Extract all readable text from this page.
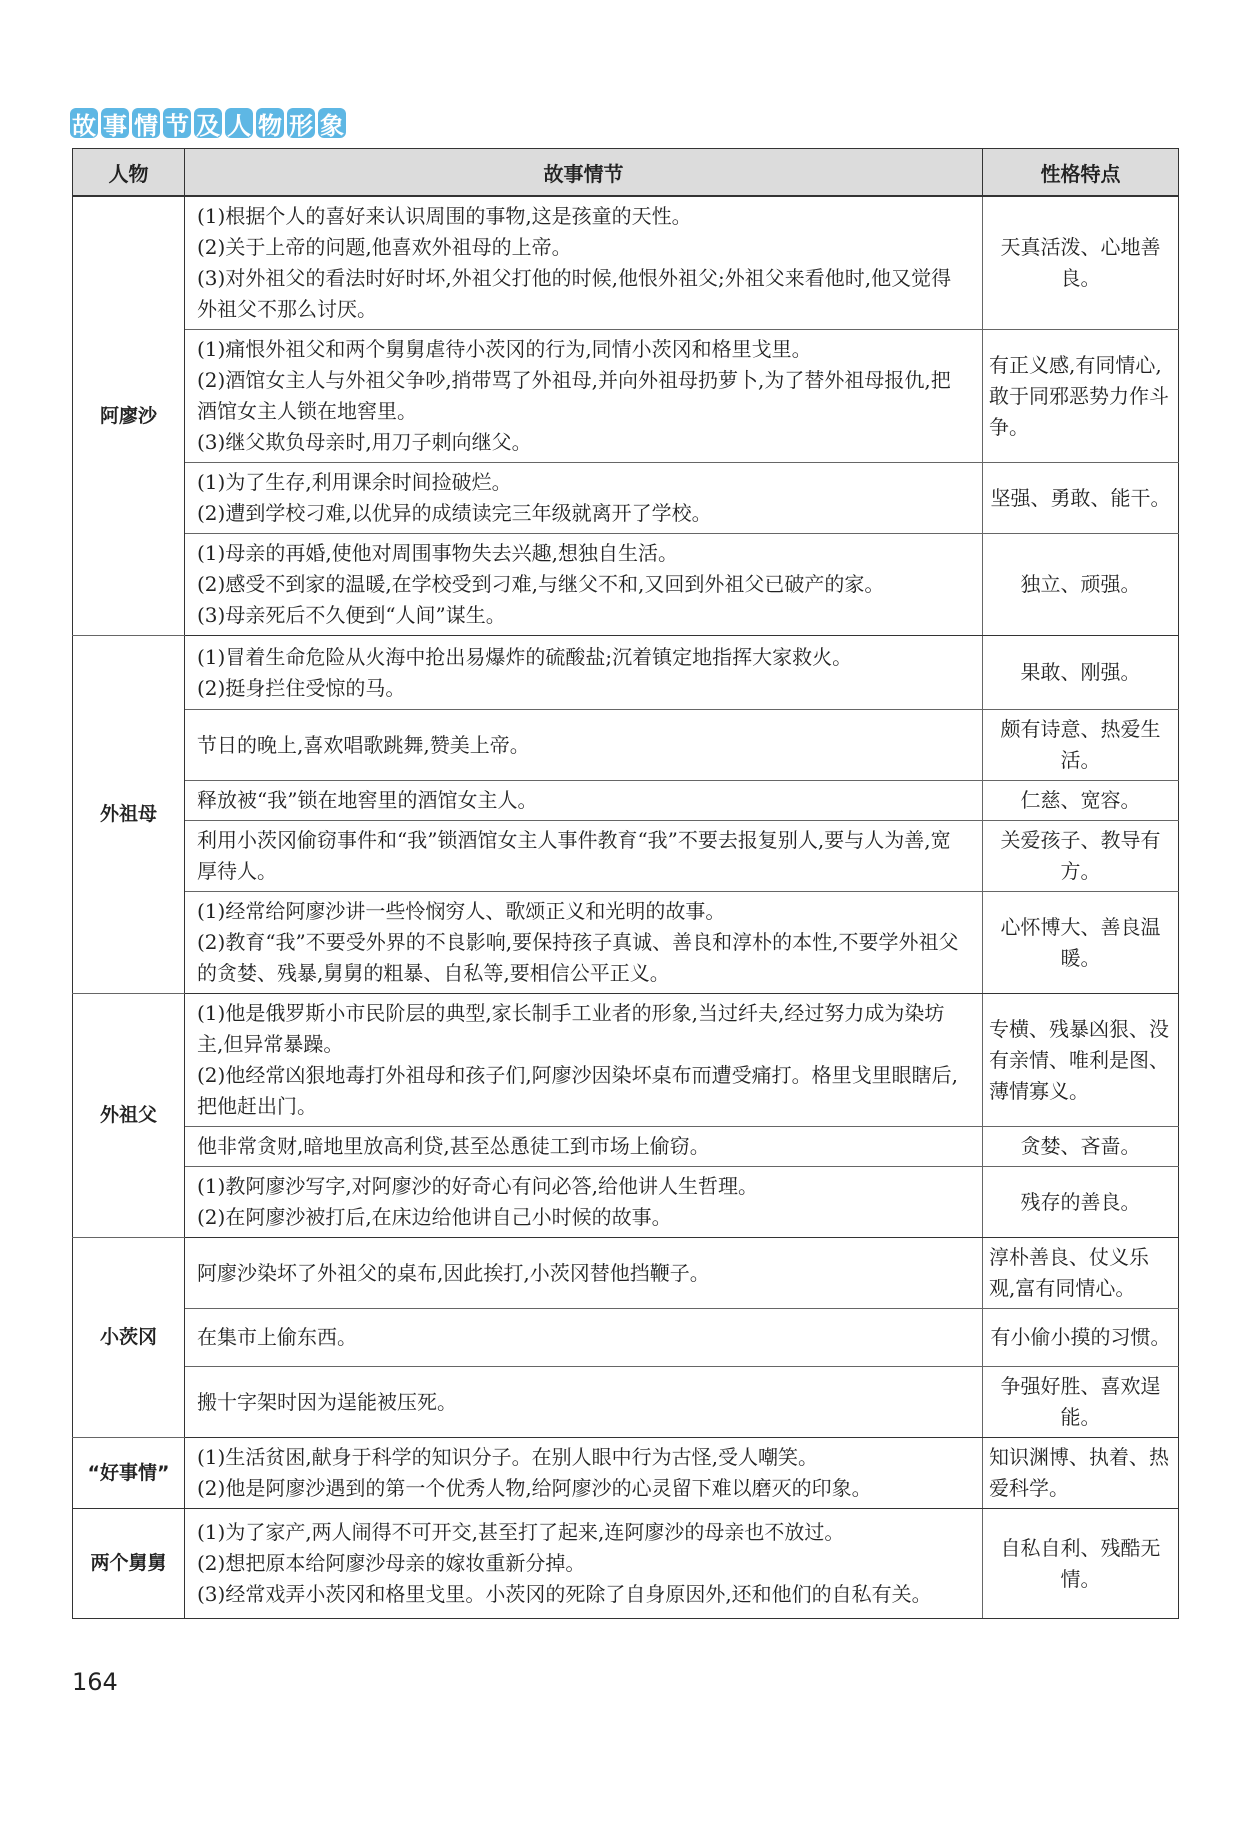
故 事 情 节 及 人 物 形 象
人物	故事情节	性格特点
阿廖沙	(1)根据个人的喜好来认识周围的事物,这是孩童的天性。
(2)关于上帝的问题,他喜欢外祖母的上帝。
(3)对外祖父的看法时好时坏,外祖父打他的时候,他恨外祖父;外祖父来看他时,他又觉得外祖父不那么讨厌。	天真活泼、心地善良。

	(1)痛恨外祖父和两个舅舅虐待小茨冈的行为,同情小茨冈和格里戈里。
(2)酒馆女主人与外祖父争吵,捎带骂了外祖母,并向外祖母扔萝卜,为了替外祖母报仇,把酒馆女主人锁在地窖里。
(3)继父欺负母亲时,用刀子刺向继父。	有正义感,有同情心,敢于同邪恶势力作斗争。

	(1)为了生存,利用课余时间捡破烂。
(2)遭到学校刁难,以优异的成绩读完三年级就离开了学校。	坚强、勇敢、能干。

	(1)母亲的再婚,使他对周围事物失去兴趣,想独自生活。
(2)感受不到家的温暖,在学校受到刁难,与继父不和,又回到外祖父已破产的家。
(3)母亲死后不久便到“人间”谋生。	独立、顽强。
外祖母	(1)冒着生命危险从火海中抢出易爆炸的硫酸盐;沉着镇定地指挥大家救火。
(2)挺身拦住受惊的马。	果敢、刚强。

	节日的晚上,喜欢唱歌跳舞,赞美上帝。	颇有诗意、热爱生活。

	释放被“我”锁在地窖里的酒馆女主人。	仁慈、宽容。

	利用小茨冈偷窃事件和“我”锁酒馆女主人事件教育“我”不要去报复别人,要与人为善,宽厚待人。	关爱孩子、教导有方。

	(1)经常给阿廖沙讲一些怜悯穷人、歌颂正义和光明的故事。
(2)教育“我”不要受外界的不良影响,要保持孩子真诚、善良和淳朴的本性,不要学外祖父的贪婪、残暴,舅舅的粗暴、自私等,要相信公平正义。	心怀博大、善良温暖。
外祖父	(1)他是俄罗斯小市民阶层的典型,家长制手工业者的形象,当过纤夫,经过努力成为染坊主,但异常暴躁。
(2)他经常凶狠地毒打外祖母和孩子们,阿廖沙因染坏桌布而遭受痛打。格里戈里眼瞎后,把他赶出门。	专横、残暴凶狠、没有亲情、唯利是图、薄情寡义。

	他非常贪财,暗地里放高利贷,甚至怂恿徒工到市场上偷窃。	贪婪、吝啬。

	(1)教阿廖沙写字,对阿廖沙的好奇心有问必答,给他讲人生哲理。
(2)在阿廖沙被打后,在床边给他讲自己小时候的故事。	残存的善良。
小茨冈	阿廖沙染坏了外祖父的桌布,因此挨打,小茨冈替他挡鞭子。	淳朴善良、仗义乐观,富有同情心。

	在集市上偷东西。	有小偷小摸的习惯。

	搬十字架时因为逞能被压死。	争强好胜、喜欢逞能。
“好事情”	(1)生活贫困,献身于科学的知识分子。在别人眼中行为古怪,受人嘲笑。
(2)他是阿廖沙遇到的第一个优秀人物,给阿廖沙的心灵留下难以磨灭的印象。	知识渊博、执着、热爱科学。
两个舅舅	(1)为了家产,两人闹得不可开交,甚至打了起来,连阿廖沙的母亲也不放过。
(2)想把原本给阿廖沙母亲的嫁妆重新分掉。
(3)经常戏弄小茨冈和格里戈里。小茨冈的死除了自身原因外,还和他们的自私有关。	自私自利、残酷无情。
164
